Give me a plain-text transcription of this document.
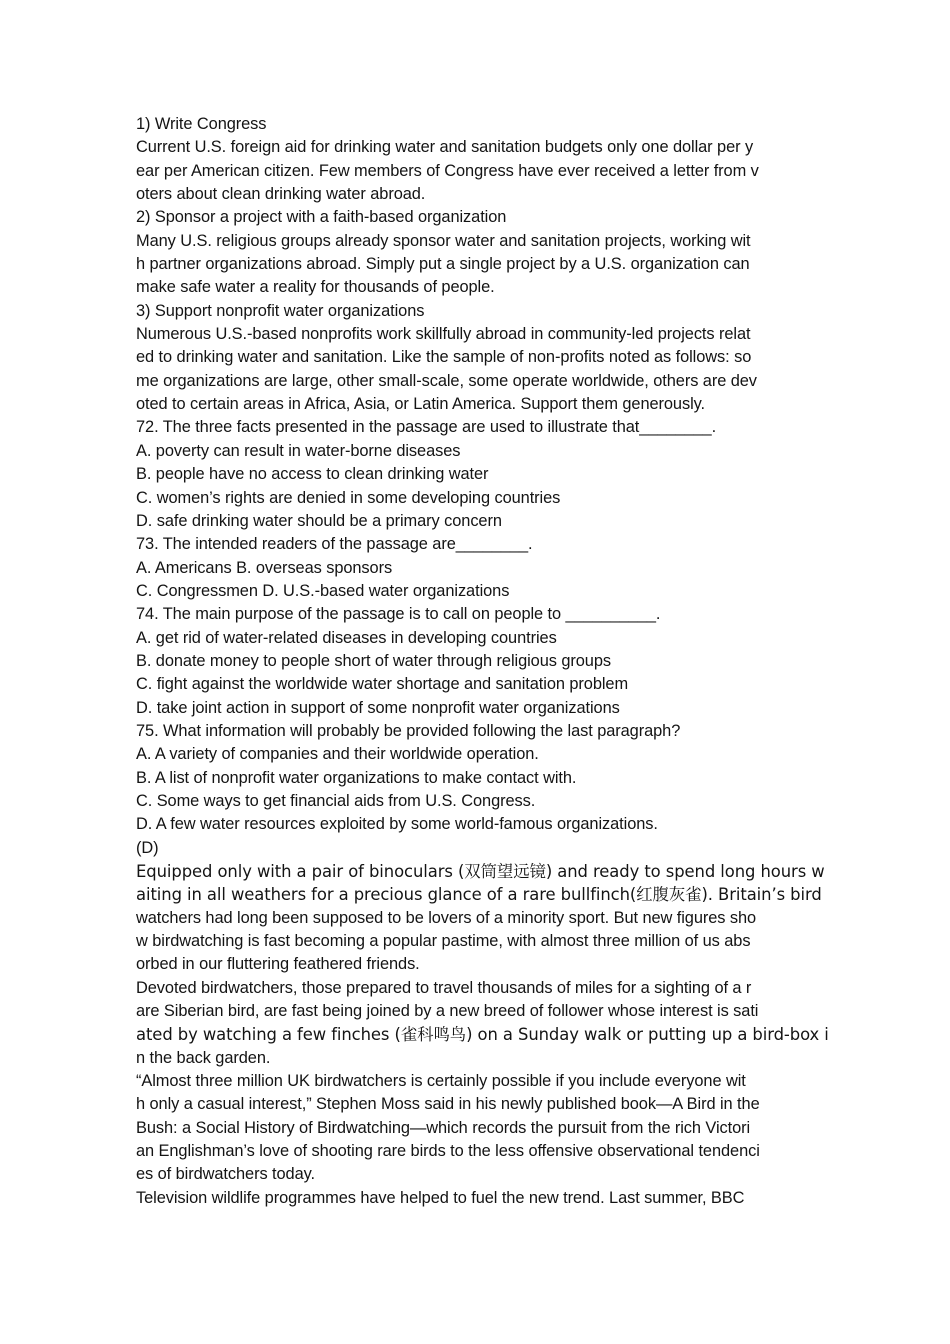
1) Write Congress
Current U.S. foreign aid for drinking water and sanitation budgets only one dollar per y
ear per American citizen. Few members of Congress have ever received a letter from v
oters about clean drinking water abroad.
2) Sponsor a project with a faith-based organization
Many U.S. religious groups already sponsor water and sanitation projects, working wit
h partner organizations abroad. Simply put a single project by a U.S. organization can
make safe water a reality for thousands of people.
3) Support nonprofit water organizations
Numerous U.S.-based nonprofits work skillfully abroad in community-led projects relat
ed to drinking water and sanitation. Like the sample of non-profits noted as follows: so
me organizations are large, other small-scale, some operate worldwide, others are dev
oted to certain areas in Africa, Asia, or Latin America. Support them generously.
72. The three facts presented in the passage are used to illustrate that________.
A. poverty can result in water-borne diseases
B. people have no access to clean drinking water
C. women’s rights are denied in some developing countries
D. safe drinking water should be a primary concern
73. The intended readers of the passage are________.
A. Americans B. overseas sponsors
C. Congressmen D. U.S.-based water organizations
74. The main purpose of the passage is to call on people to __________.
A. get rid of water-related diseases in developing countries
B. donate money to people short of water through religious groups
C. fight against the worldwide water shortage and sanitation problem
D. take joint action in support of some nonprofit water organizations
75. What information will probably be provided following the last paragraph?
A. A variety of companies and their worldwide operation.
B. A list of nonprofit water organizations to make contact with.
C. Some ways to get financial aids from U.S. Congress.
D. A few water resources exploited by some world-famous organizations.
(D)
Equipped only with a pair of binoculars (双筒望远镜) and ready to spend long hours w
aiting in all weathers for a precious glance of a rare bullfinch(红腹灰雀). Britain’s bird
watchers had long been supposed to be lovers of a minority sport. But new figures sho
w birdwatching is fast becoming a popular pastime, with almost three million of us abs
orbed in our fluttering feathered friends.
Devoted birdwatchers, those prepared to travel thousands of miles for a sighting of a r
are Siberian bird, are fast being joined by a new breed of follower whose interest is sati
ated by watching a few finches (雀科鸣鸟) on a Sunday walk or putting up a bird-box i
n the back garden.
“Almost three million UK birdwatchers is certainly possible if you include everyone wit
h only a casual interest,” Stephen Moss said in his newly published book—A Bird in the
Bush: a Social History of Birdwatching—which records the pursuit from the rich Victori
an Englishman’s love of shooting rare birds to the less offensive observational tendenci
es of birdwatchers today.
Television wildlife programmes have helped to fuel the new trend. Last summer, BBC
